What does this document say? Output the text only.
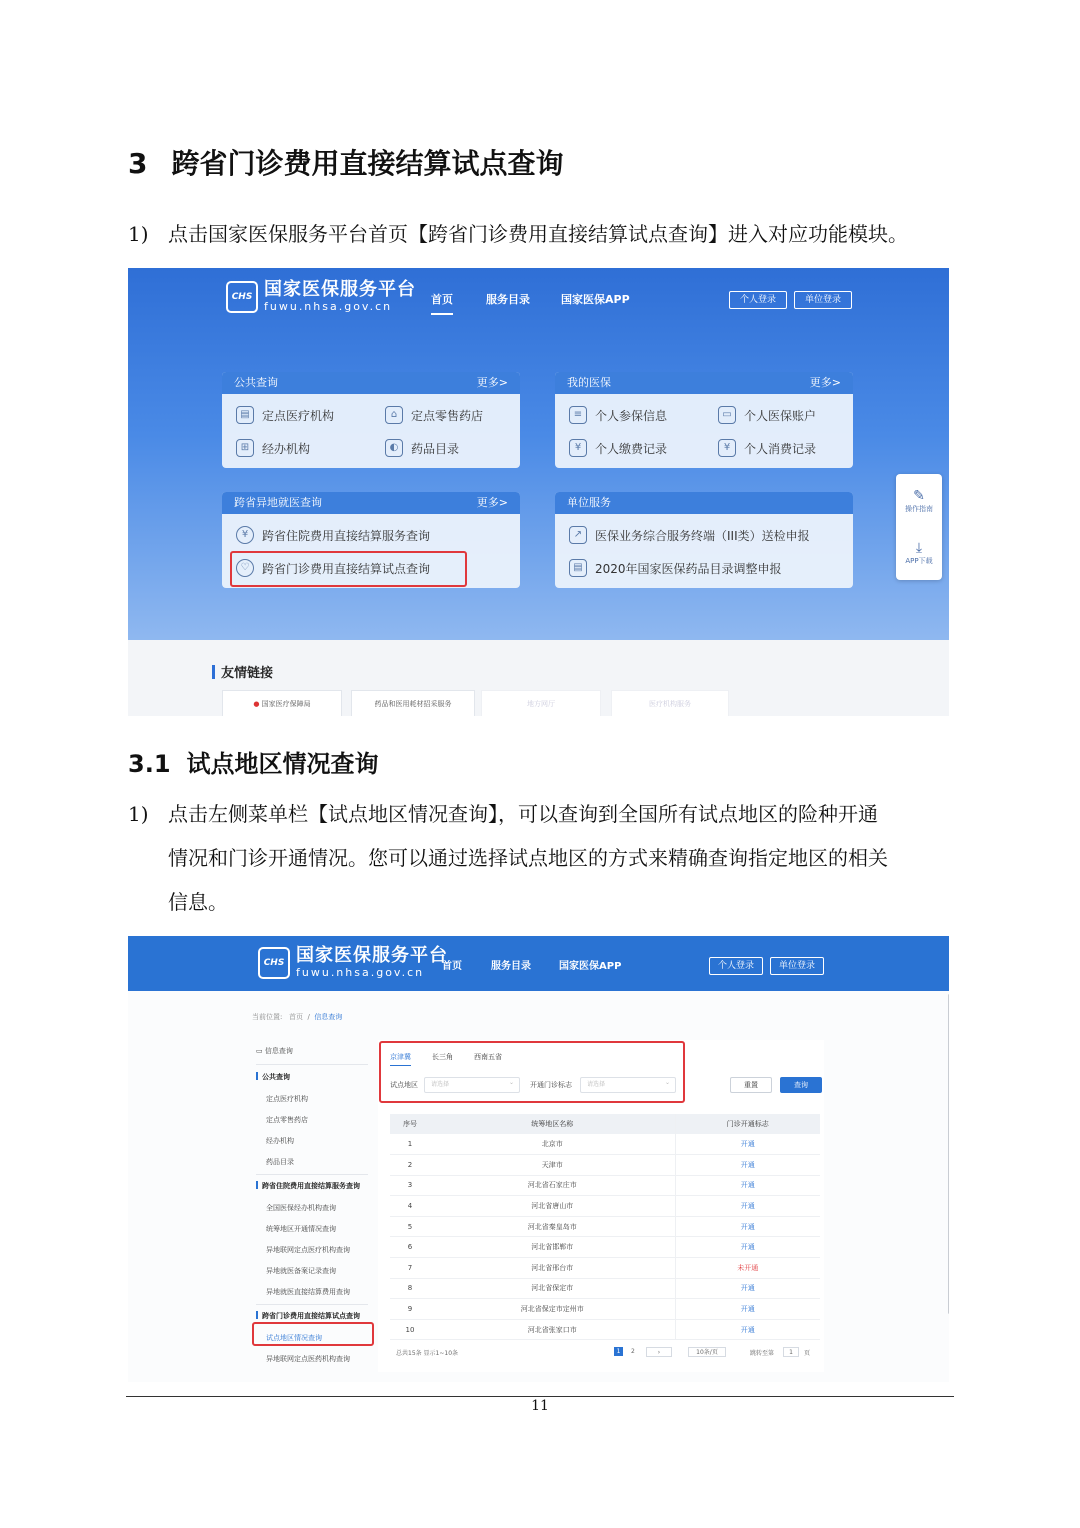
3 跨省门诊费用直接结算试点查询
1) 点击国家医保服务平台首页【跨省门诊费用直接结算试点查询】进入对应功能模块。
CHS 国家医保服务平台
fuwu.nhsa.gov.cn
首页	服务目录	国家医保APP	个人登录	单位登录
公共查询	更多>
▤	定点医疗机构	⌂	定点零售药店
⊞	经办机构	◐	药品目录
我的医保	更多>
≡	个人参保信息	▭	个人医保账户
¥	个人缴费记录	¥	个人消费记录
跨省异地就医查询	更多>
¥	跨省住院费用直接结算服务查询
♡	跨省门诊费用直接结算试点查询
单位服务
↗	医保业务综合服务终端（III类）送检申报
▤	2020年国家医保药品目录调整申报
✎
操作指南
⤓
APP下载
友情链接
● 国家医疗保障局	药品和医用耗材招采服务	地方网厅	医疗机构服务
3.1 试点地区情况查询
1) 点击左侧菜单栏【试点地区情况查询】，可以查询到全国所有试点地区的险种开通
情况和门诊开通情况。您可以通过选择试点地区的方式来精确查询指定地区的相关
信息。
CHS 国家医保服务平台
fuwu.nhsa.gov.cn	首页	服务目录	国家医保APP	个人登录	单位登录
当前位置: 首页 / 信息查询
▭ 信息查询
公共查询
定点医疗机构
定点零售药店
经办机构
药品目录
跨省住院费用直接结算服务查询
全国医保经办机构查询
统筹地区开通情况查询
异地联网定点医疗机构查询
异地就医备案记录查询
异地就医直接结算费用查询
跨省门诊费用直接结算试点查询
试点地区情况查询
异地联网定点医药机构查询
京津冀	长三角	西南五省
试点地区	请选择 ⌄	开通门诊标志	请选择 ⌄	重置	查询
序号	统筹地区名称	门诊开通标志
1	北京市	开通
2	天津市	开通
3	河北省石家庄市	开通
4	河北省唐山市	开通
5	河北省秦皇岛市	开通
6	河北省邯郸市	开通
7	河北省邢台市	未开通
8	河北省保定市	开通
9	河北省保定市定州市	开通
10	河北省张家口市	开通
总共15条 显示1~10条	1	2	›	10条/页	跳转至第	1	页
11
